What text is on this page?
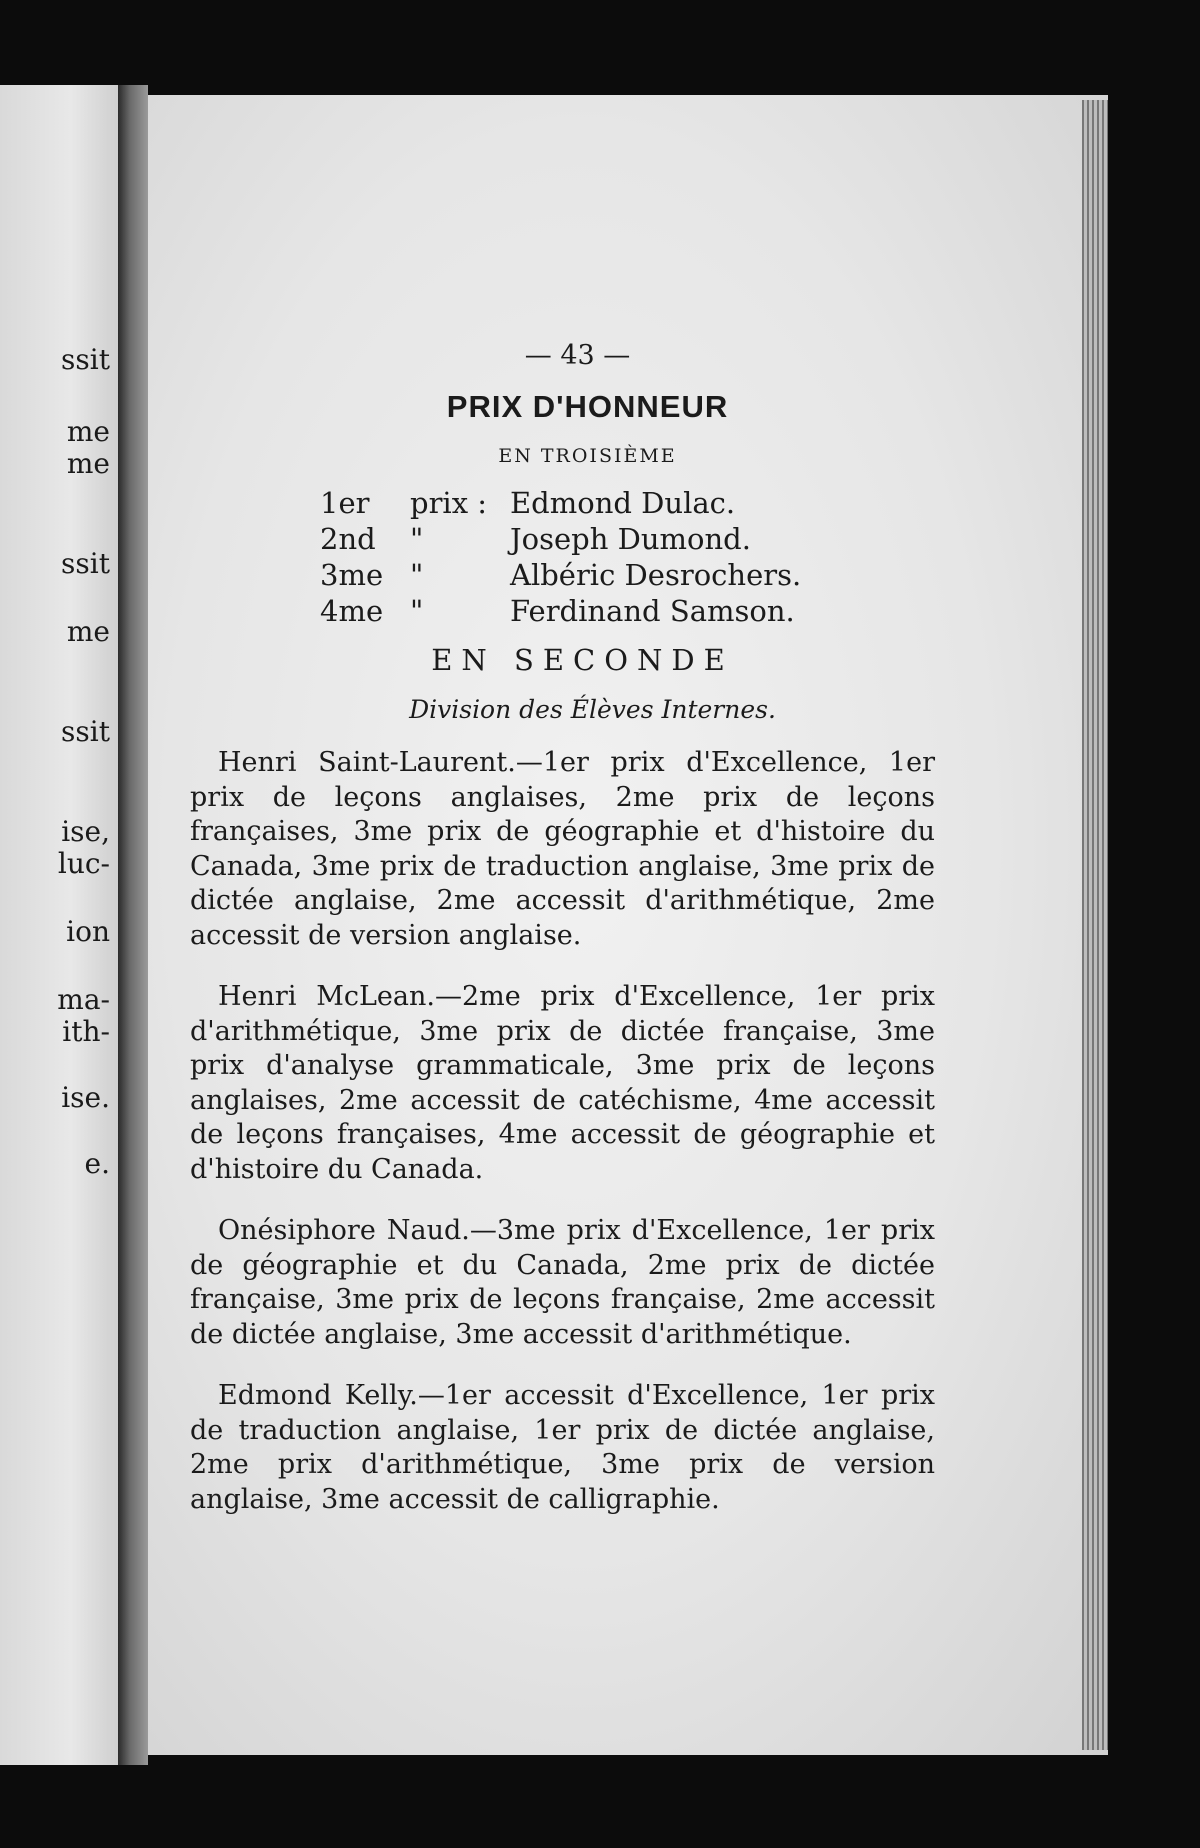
ssit
me
me
ssit
me
ssit
ise,
luc-
ion
ma-
ith-
ise.
e.
— 43 —
PRIX D'HONNEUR
EN TROISIÈME
1er	prix : Edmond Dulac.
2nd	"	Joseph Dumond.
3me "	Albéric Desrochers.
4me "	Ferdinand Samson.
EN SECONDE
Division des Élèves Internes.

Henri Saint-Laurent.—1er prix d'Excellence, 1er prix de leçons anglaises, 2me prix de leçons françaises, 3me prix de géographie et d'histoire du Canada, 3me prix de traduction anglaise, 3me prix de dictée anglaise, 2me accessit d'arithmétique, 2me accessit de version anglaise.

Henri McLean.—2me prix d'Excellence, 1er prix d'arithmétique, 3me prix de dictée française, 3me prix d'analyse grammaticale, 3me prix de leçons anglaises, 2me accessit de catéchisme, 4me accessit de leçons françaises, 4me accessit de géographie et d'histoire du Canada.

Onésiphore Naud.—3me prix d'Excellence, 1er prix de géographie et du Canada, 2me prix de dictée française, 3me prix de leçons française, 2me accessit de dictée anglaise, 3me accessit d'arithmétique.

Edmond Kelly.—1er accessit d'Excellence, 1er prix de traduction anglaise, 1er prix de dictée anglaise, 2me prix d'arithmétique, 3me prix de version anglaise, 3me accessit de calligraphie.
